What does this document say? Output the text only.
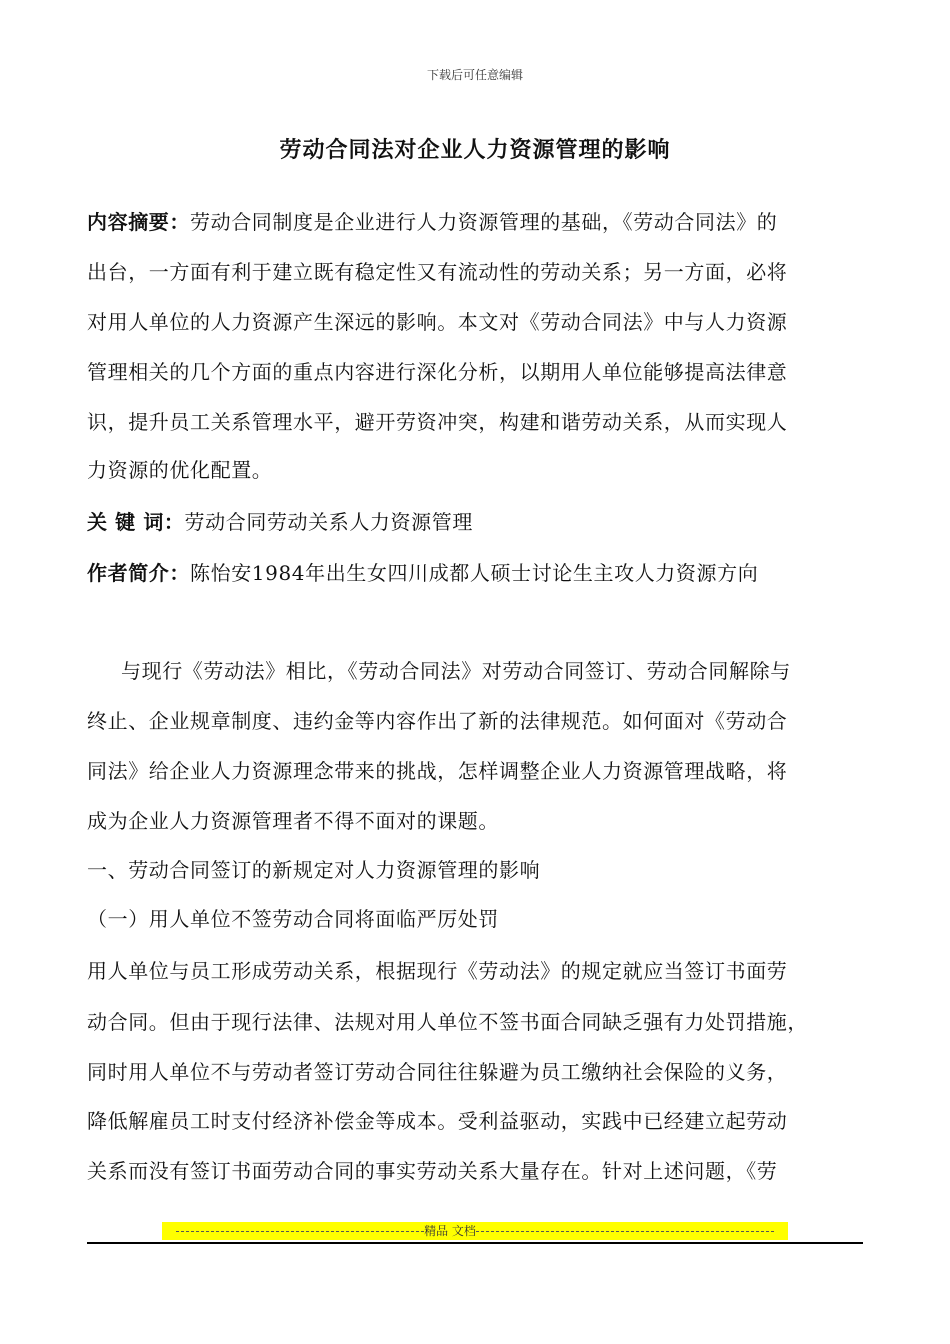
下载后可任意编辑
劳动合同法对企业人力资源管理的影响
内容摘要：劳动合同制度是企业进行人力资源管理的基础，《劳动合同法》的
出台，一方面有利于建立既有稳定性又有流动性的劳动关系；另一方面，必将
对用人单位的人力资源产生深远的影响。本文对《劳动合同法》中与人力资源
管理相关的几个方面的重点内容进行深化分析，以期用人单位能够提高法律意
识，提升员工关系管理水平，避开劳资冲突，构建和谐劳动关系，从而实现人
力资源的优化配置。
关 键 词：劳动合同劳动关系人力资源管理
作者简介：陈怡安1984年出生女四川成都人硕士讨论生主攻人力资源方向
与现行《劳动法》相比，《劳动合同法》对劳动合同签订、劳动合同解除与
终止、企业规章制度、违约金等内容作出了新的法律规范。如何面对《劳动合
同法》给企业人力资源理念带来的挑战，怎样调整企业人力资源管理战略，将
成为企业人力资源管理者不得不面对的课题。
一、劳动合同签订的新规定对人力资源管理的影响
（一）用人单位不签劳动合同将面临严厉处罚
用人单位与员工形成劳动关系，根据现行《劳动法》的规定就应当签订书面劳
动合同。但由于现行法律、法规对用人单位不签书面合同缺乏强有力处罚措施，
同时用人单位不与劳动者签订劳动合同往往躲避为员工缴纳社会保险的义务，
降低解雇员工时支付经济补偿金等成本。受利益驱动，实践中已经建立起劳动
关系而没有签订书面劳动合同的事实劳动关系大量存在。针对上述问题，《劳
精品 文档
